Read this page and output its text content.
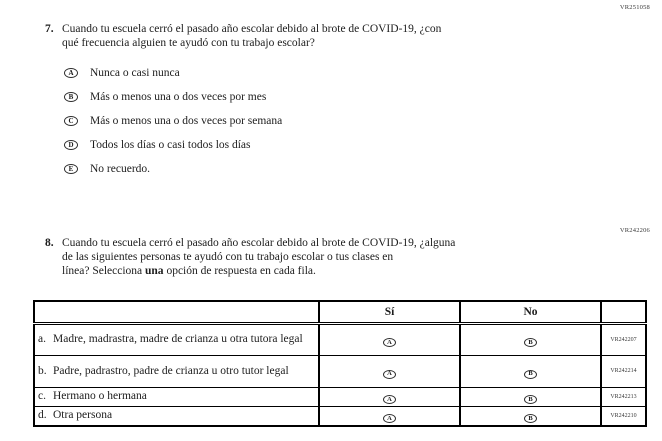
VR251058
7. Cuando tu escuela cerró el pasado año escolar debido al brote de COVID-19, ¿con
qué frecuencia alguien te ayudó con tu trabajo escolar?
A Nunca o casi nunca
B Más o menos una o dos veces por mes
C Más o menos una o dos veces por semana
D Todos los días o casi todos los días
E No recuerdo.
VR242206
8. Cuando tu escuela cerró el pasado año escolar debido al brote de COVID-19, ¿alguna
de las siguientes personas te ayudó con tu trabajo escolar o tus clases en
línea? Selecciona una opción de respuesta en cada fila.
	Sí	No	

a. Madre, madrastra, madre de crianza u otra tutora legal	A	B	VR242207

b. Padre, padrastro, padre de crianza u otro tutor legal	A	B	VR242214

c. Hermano o hermana	A	B	VR242213

d. Otra persona	A	B	VR242210
